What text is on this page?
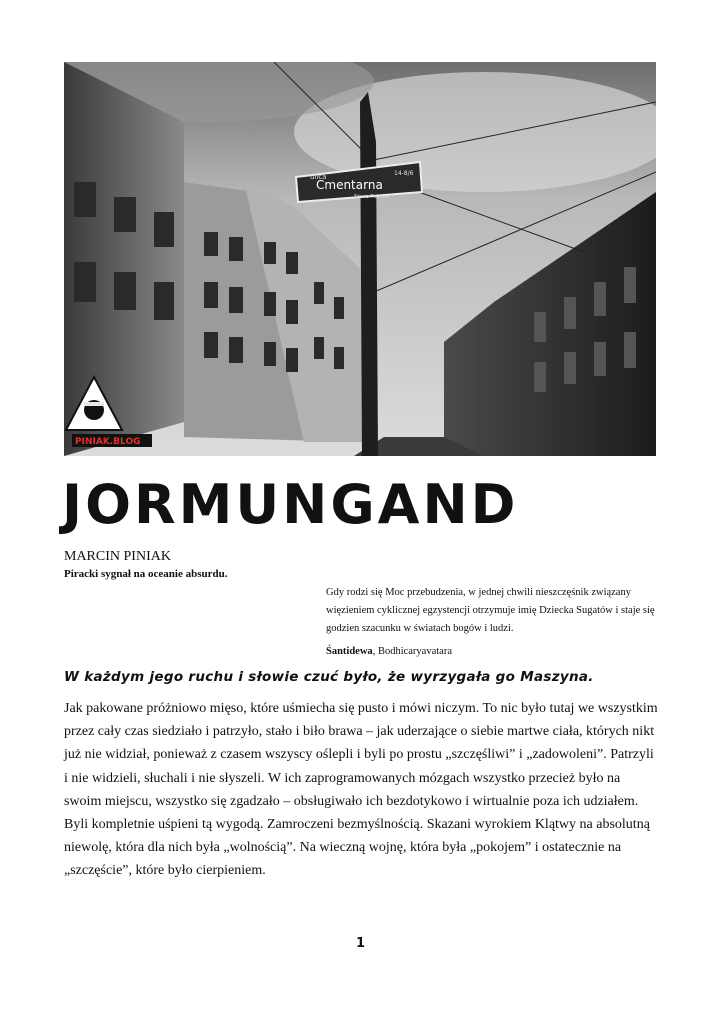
ulica	14-8/6
Cmentarna
Stare Polesie
PINIAK.BLOG
JORMUNGAND
MARCIN PINIAK
Piracki sygnał na oceanie absurdu.

Gdy rodzi się Moc przebudzenia, w jednej chwili nieszczęśnik związany więzieniem cyklicznej egzystencji otrzymuje imię Dziecka Sugatów i staje się godzien szacunku w światach bogów i ludzi.

Śantidewa, Bodhicaryavatara

W każdym jego ruchu i słowie czuć było, że wyrzygała go Maszyna.

Jak pakowane próżniowo mięso, które uśmiecha się pusto i mówi niczym. To nic było tutaj we wszystkim przez cały czas siedziało i patrzyło, stało i biło brawa – jak uderzające o siebie martwe ciała, których nikt już nie widział, ponieważ z czasem wszyscy oślepli i byli po prostu „szczęśliwi” i „zadowoleni”. Patrzyli i nie widzieli, słuchali i nie słyszeli. W ich zaprogramowanych mózgach wszystko przecież było na swoim miejscu, wszystko się zgadzało – obsługiwało ich bezdotykowo i wirtualnie poza ich udziałem. Byli kompletnie uśpieni tą wygodą. Zamroczeni bezmyślnością. Skazani wyrokiem Klątwy na absolutną niewolę, która dla nich była „wolnością”. Na wieczną wojnę, która była „pokojem” i ostatecznie na „szczęście”, które było cierpieniem.

1
